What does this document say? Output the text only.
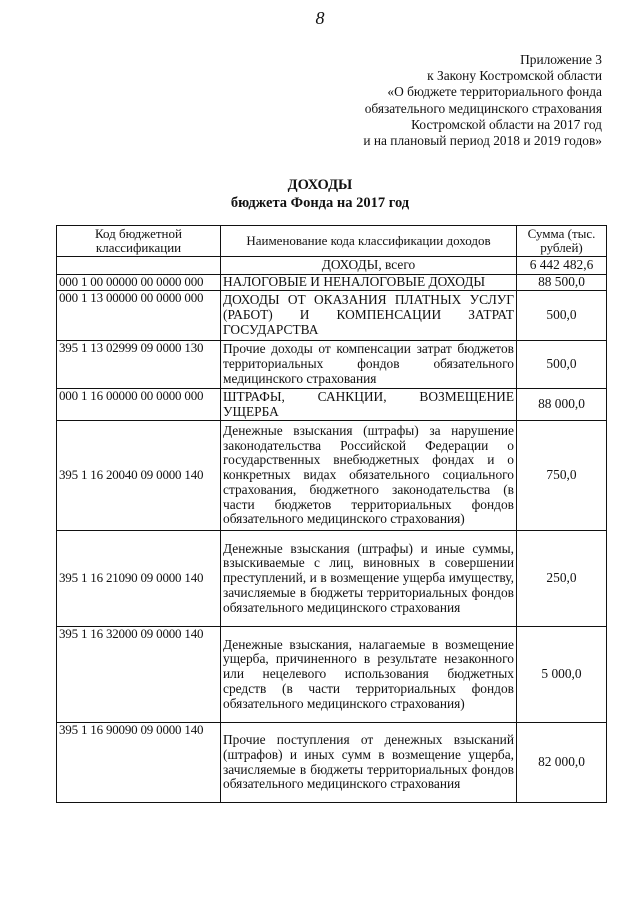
8
Приложение 3
к Закону Костромской области
«О бюджете территориального фонда
обязательного медицинского страхования
Костромской области на 2017 год
и на плановый период 2018 и 2019 годов»
ДОХОДЫ
бюджета Фонда на 2017 год
Код бюджетной классификации	Наименование кода классификации доходов	Сумма (тыс. рублей)
	ДОХОДЫ, всего	6 442 482,6
000 1 00 00000 00 0000 000	НАЛОГОВЫЕ И НЕНАЛОГОВЫЕ ДОХОДЫ	88 500,0
000 1 13 00000 00 0000 000	ДОХОДЫ ОТ ОКАЗАНИЯ ПЛАТНЫХ УСЛУГ (РАБОТ) И КОМПЕНСАЦИИ ЗАТРАТ ГОСУДАРСТВА	500,0
395 1 13 02999 09 0000 130	Прочие доходы от компенсации затрат бюджетов территориальных фондов обязательного медицинского страхования	500,0
000 1 16 00000 00 0000 000	ШТРАФЫ, САНКЦИИ, ВОЗМЕЩЕНИЕ УЩЕРБА	88 000,0
395 1 16 20040 09 0000 140	Денежные взыскания (штрафы) за нарушение законодательства Российской Федерации о государственных внебюджетных фондах и о конкретных видах обязательного социального страхования, бюджетного законодательства (в части бюджетов территориальных фондов обязательного медицинского страхования)	750,0
395 1 16 21090 09 0000 140	Денежные взыскания (штрафы) и иные суммы, взыскиваемые с лиц, виновных в совершении преступлений, и в возмещение ущерба имуществу, зачисляемые в бюджеты территориальных фондов обязательного медицинского страхования	250,0
395 1 16 32000 09 0000 140	Денежные взыскания, налагаемые в возмещение ущерба, причиненного в результате незаконного или нецелевого использования бюджетных средств (в части территориальных фондов обязательного медицинского страхования)	5 000,0
395 1 16 90090 09 0000 140	Прочие поступления от денежных взысканий (штрафов) и иных сумм в возмещение ущерба, зачисляемые в бюджеты территориальных фондов обязательного медицинского страхования	82 000,0
